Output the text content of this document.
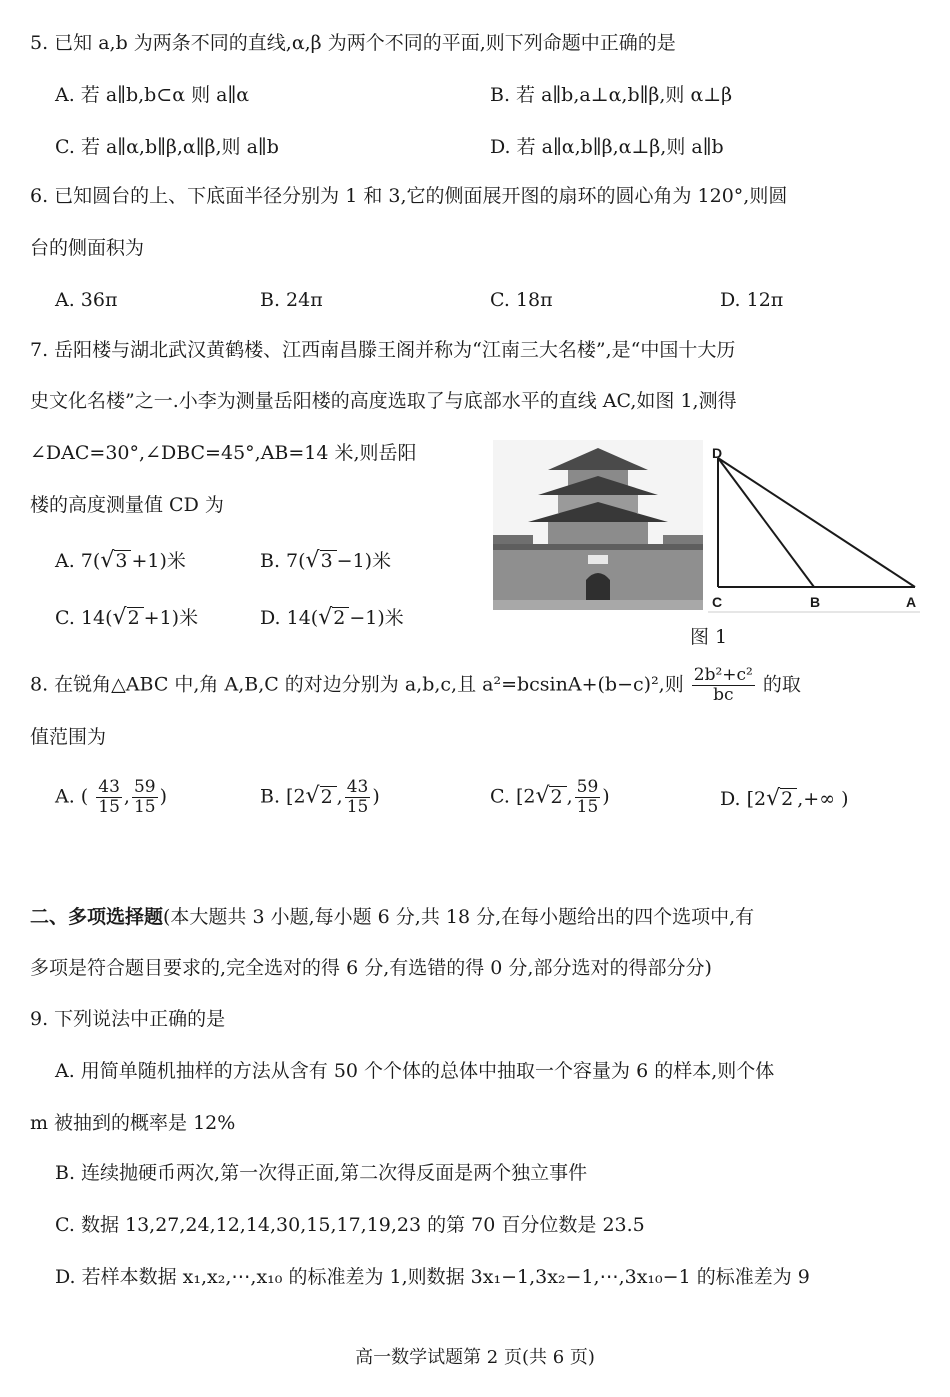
5. 已知 a,b 为两条不同的直线,α,β 为两个不同的平面,则下列命题中正确的是
A. 若 a∥b,b⊂α 则 a∥α	B. 若 a∥b,a⊥α,b∥β,则 α⊥β
C. 若 a∥α,b∥β,α∥β,则 a∥b	D. 若 a∥α,b∥β,α⊥β,则 a∥b
6. 已知圆台的上、下底面半径分别为 1 和 3,它的侧面展开图的扇环的圆心角为 120°,则圆
台的侧面积为
A. 36π	B. 24π	C. 18π	D. 12π
7. 岳阳楼与湖北武汉黄鹤楼、江西南昌滕王阁并称为“江南三大名楼”,是“中国十大历
史文化名楼”之一.小李为测量岳阳楼的高度选取了与底部水平的直线 AC,如图 1,测得
∠DAC=30°,∠DBC=45°,AB=14 米,则岳阳
楼的高度测量值 CD 为
A. 7(√3 +1)米	B. 7(√3 −1)米
C. 14(√2 +1)米	D. 14(√2 −1)米
D
C	B	A
图 1
8. 在锐角△ABC 中,角 A,B,C 的对边分别为 a,b,c,且 a²=bcsinA+(b−c)²,则 $\frac{\text{2b²+c²}}{bc}$ 的取
值范围为
A. ( $\frac{43}{15}$ , $\frac{59}{15}$ )	B. [2√2 , $\frac{43}{15}$ )	C. [2√2 , $\frac{59}{15}$ )	D. [2√2 ,+∞ )
二、多项选择题(本大题共 3 小题,每小题 6 分,共 18 分,在每小题给出的四个选项中,有
多项是符合题目要求的,完全选对的得 6 分,有选错的得 0 分,部分选对的得部分分)
9. 下列说法中正确的是
A. 用简单随机抽样的方法从含有 50 个个体的总体中抽取一个容量为 6 的样本,则个体
m 被抽到的概率是 12%
B. 连续抛硬币两次,第一次得正面,第二次得反面是两个独立事件
C. 数据 13,27,24,12,14,30,15,17,19,23 的第 70 百分位数是 23.5
D. 若样本数据 x₁,x₂,⋯,x₁₀ 的标准差为 1,则数据 3x₁−1,3x₂−1,⋯,3x₁₀−1 的标准差为 9
高一数学试题第 2 页(共 6 页)
